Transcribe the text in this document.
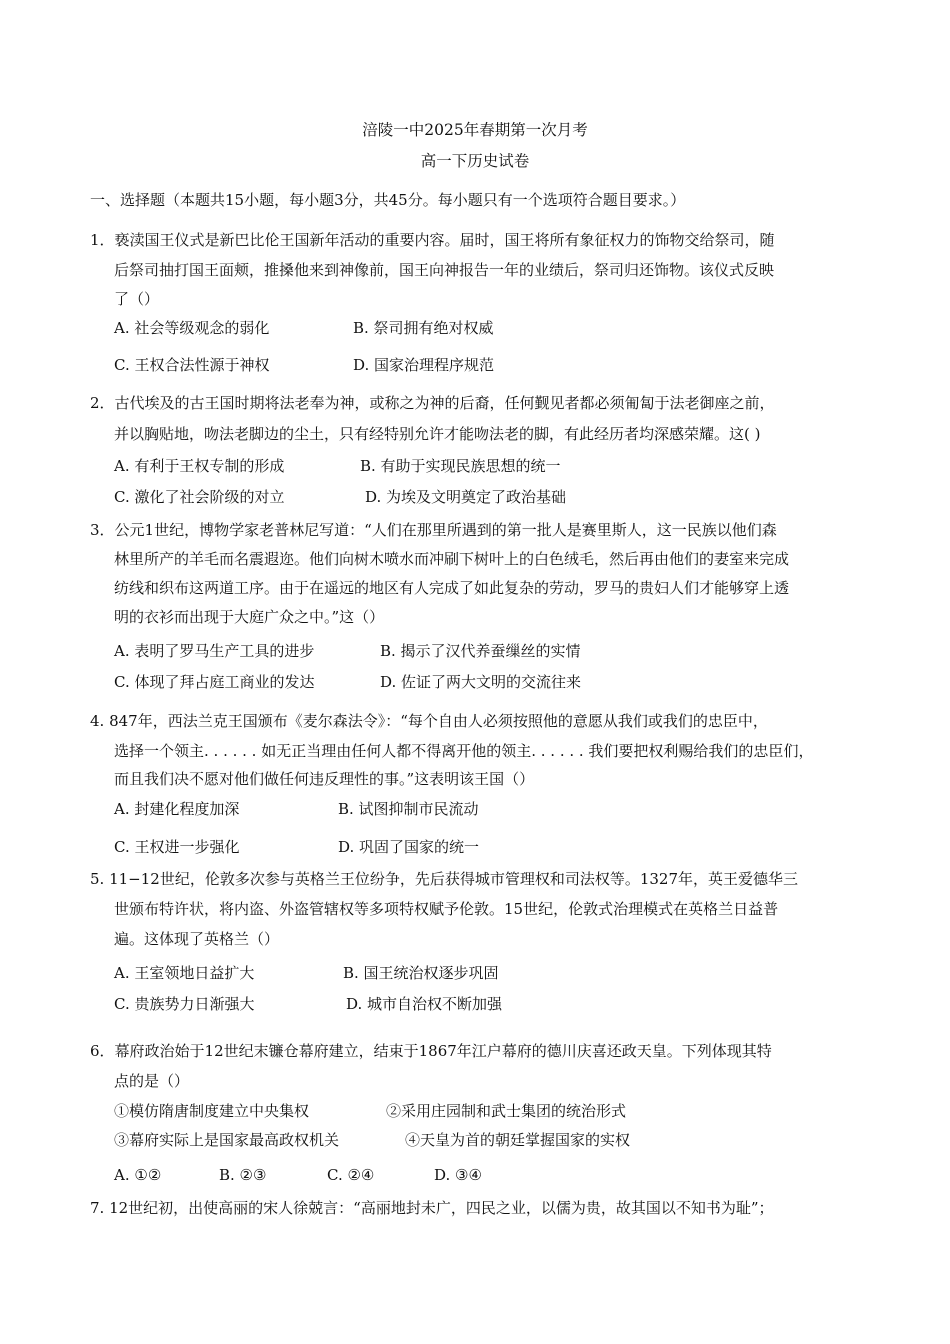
涪陵一中2025年春期第一次月考
高一下历史试卷
一、选择题（本题共15小题，每小题3分，共45分。每小题只有一个选项符合题目要求。）
1．亵渎国王仪式是新巴比伦王国新年活动的重要内容。届时，国王将所有象征权力的饰物交给祭司，随
后祭司抽打国王面颊，推搡他来到神像前，国王向神报告一年的业绩后，祭司归还饰物。该仪式反映
了（）
A. 社会等级观念的弱化	B. 祭司拥有绝对权威
C. 王权合法性源于神权	D. 国家治理程序规范
2．古代埃及的古王国时期将法老奉为神，或称之为神的后裔，任何觐见者都必须匍匐于法老御座之前，
并以胸贴地，吻法老脚边的尘土，只有经特别允许才能吻法老的脚，有此经历者均深感荣耀。这( )
A. 有利于王权专制的形成	B. 有助于实现民族思想的统一
C. 激化了社会阶级的对立	D. 为埃及文明奠定了政治基础
3．公元1世纪，博物学家老普林尼写道：“人们在那里所遇到的第一批人是赛里斯人，这一民族以他们森
林里所产的羊毛而名震遐迩。他们向树木喷水而冲刷下树叶上的白色绒毛，然后再由他们的妻室来完成
纺线和织布这两道工序。由于在遥远的地区有人完成了如此复杂的劳动，罗马的贵妇人们才能够穿上透
明的衣衫而出现于大庭广众之中。”这（）
A. 表明了罗马生产工具的进步	B. 揭示了汉代养蚕缫丝的实情
C. 体现了拜占庭工商业的发达	D. 佐证了两大文明的交流往来
4. 847年，西法兰克王国颁布《麦尔森法令》：“每个自由人必须按照他的意愿从我们或我们的忠臣中，
选择一个领主. . . . . . 如无正当理由任何人都不得离开他的领主. . . . . . 我们要把权利赐给我们的忠臣们，
而且我们决不愿对他们做任何违反理性的事。”这表明该王国（）
A. 封建化程度加深	B. 试图抑制市民流动
C. 王权进一步强化	D. 巩固了国家的统一
5. 11−12世纪，伦敦多次参与英格兰王位纷争，先后获得城市管理权和司法权等。1327年，英王爱德华三
世颁布特许状，将内盗、外盗管辖权等多项特权赋予伦敦。15世纪，伦敦式治理模式在英格兰日益普
遍。这体现了英格兰（）
A. 王室领地日益扩大	B. 国王统治权逐步巩固
C. 贵族势力日渐强大	D. 城市自治权不断加强
6．幕府政治始于12世纪末镰仓幕府建立，结束于1867年江户幕府的德川庆喜还政天皇。下列体现其特
点的是（）
①模仿隋唐制度建立中央集权	②采用庄园制和武士集团的统治形式
③幕府实际上是国家最高政权机关	④天皇为首的朝廷掌握国家的实权
A. ①②	B. ②③	C. ②④	D. ③④
7. 12世纪初，出使高丽的宋人徐兢言：“高丽地封未广，四民之业，以儒为贵，故其国以不知书为耻”；
